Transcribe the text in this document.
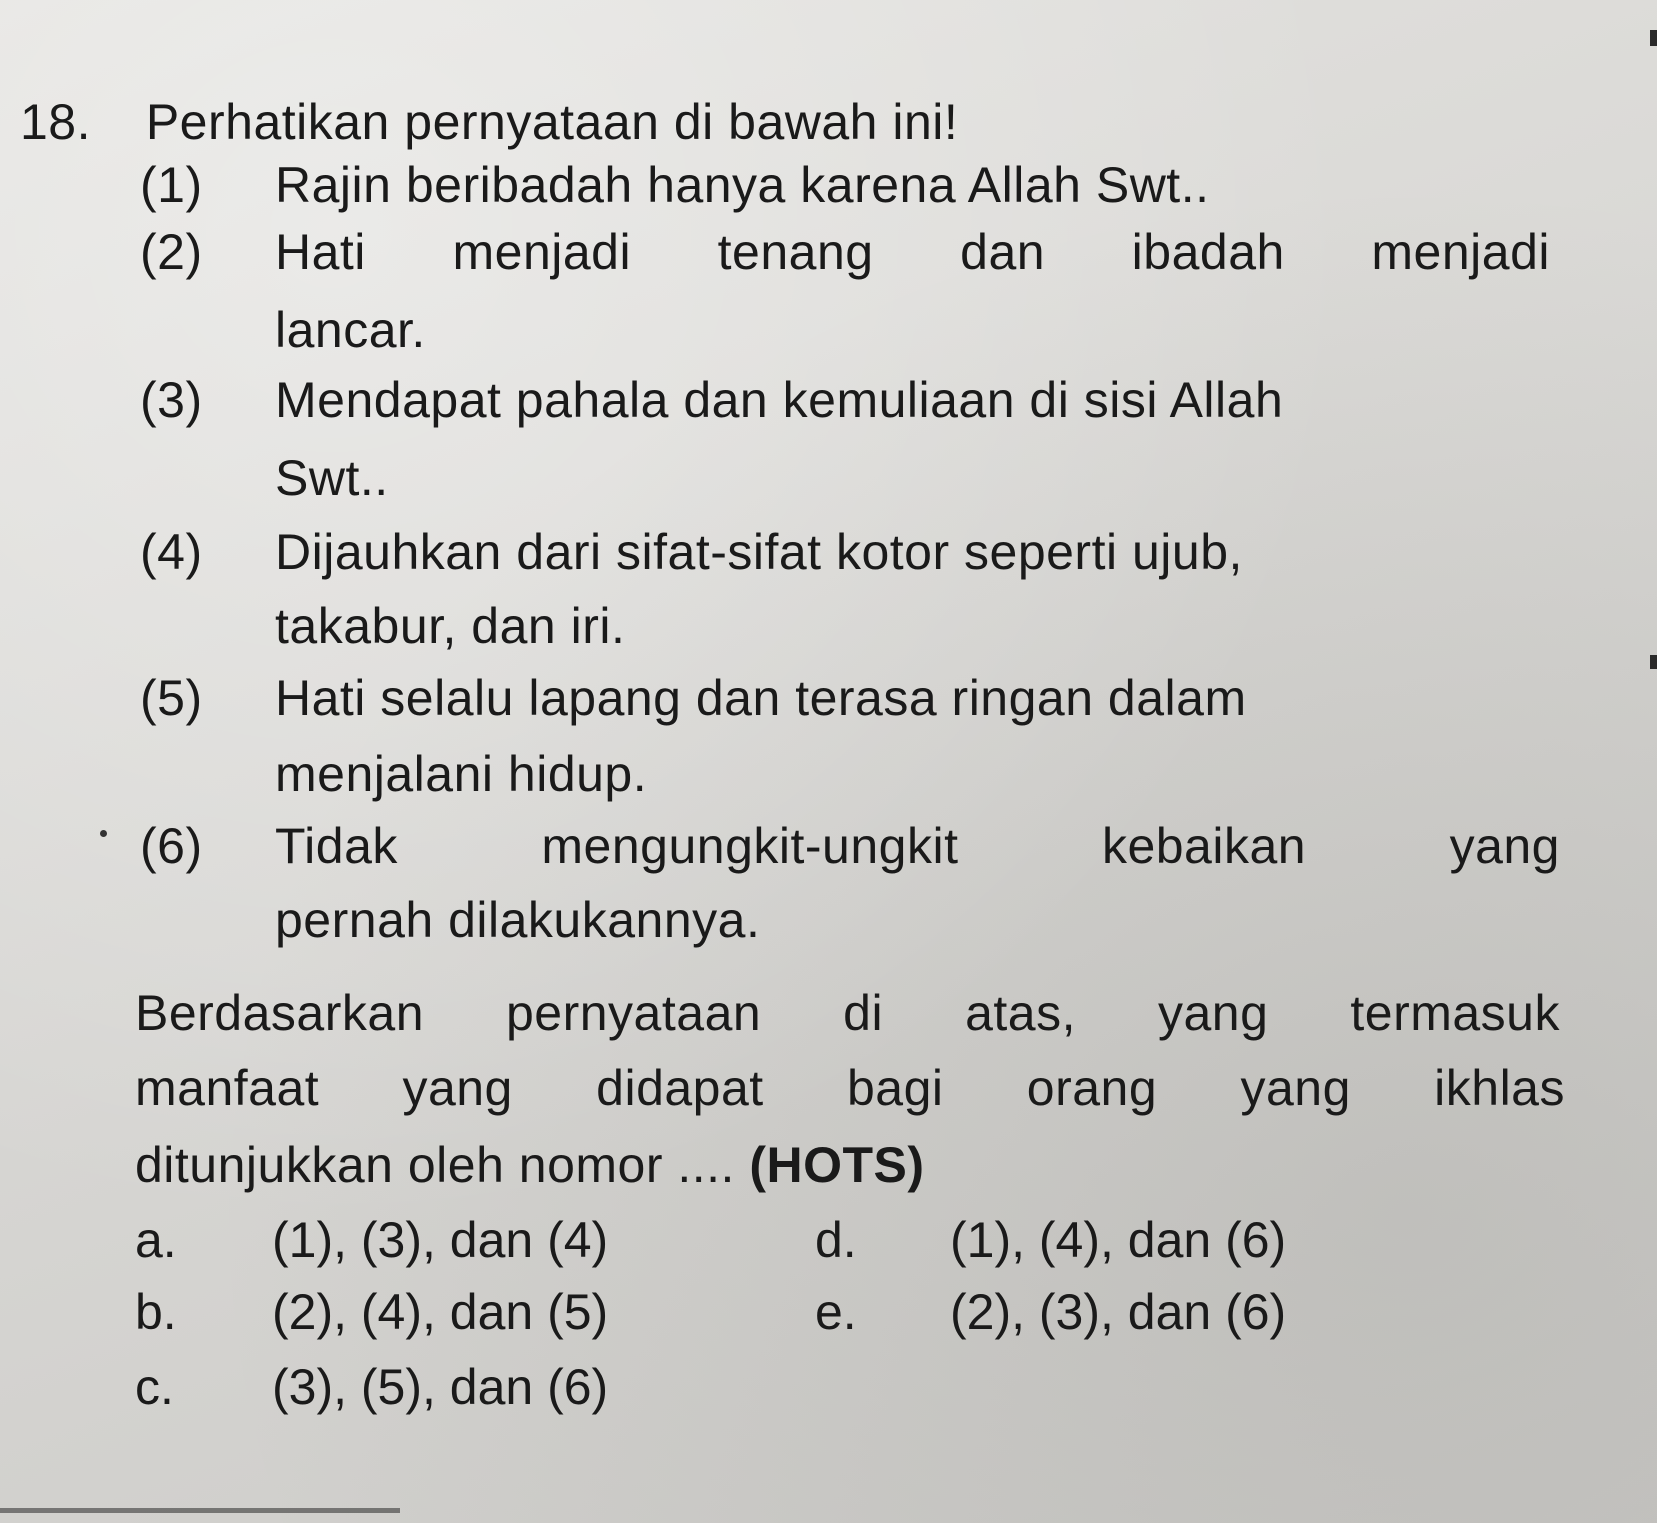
18. Perhatikan pernyataan di bawah ini!
(1) Rajin beribadah hanya karena Allah Swt..
(2)	Hati menjadi tenang dan ibadah menjadi
lancar.
(3) Mendapat pahala dan kemuliaan di sisi Allah
Swt..
(4) Dijauhkan dari sifat-sifat kotor seperti ujub,
takabur, dan iri.
(5) Hati selalu lapang dan terasa ringan dalam
menjalani hidup.
(6)	Tidak mengungkit-ungkit kebaikan yang
pernah dilakukannya.
Berdasarkan pernyataan di atas, yang termasuk
manfaat yang didapat bagi orang yang ikhlas
ditunjukkan oleh nomor .... (HOTS)
a. (1), (3), dan (4)
b. (2), (4), dan (5)
c. (3), (5), dan (6)
d. (1), (4), dan (6)
e. (2), (3), dan (6)
